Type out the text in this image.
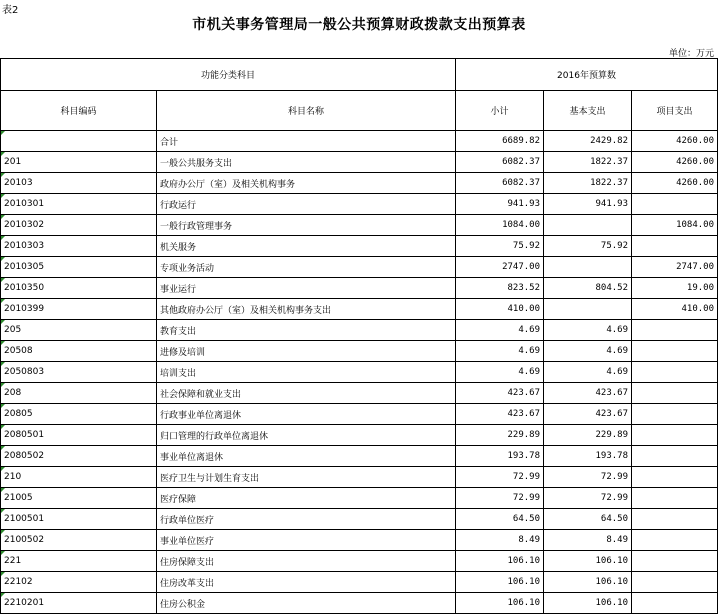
表2
市机关事务管理局一般公共预算财政拨款支出预算表
单位：万元
功能分类科目		2016年预算数		
科目编码	科目名称	小计	基本支出	项目支出
	合计	6689.82	2429.82	4260.00
201	一般公共服务支出	6082.37	1822.37	4260.00
20103	政府办公厅（室）及相关机构事务	6082.37	1822.37	4260.00
2010301	行政运行	941.93	941.93	
2010302	一般行政管理事务	1084.00		1084.00
2010303	机关服务	75.92	75.92	
2010305	专项业务活动	2747.00		2747.00
2010350	事业运行	823.52	804.52	19.00
2010399	其他政府办公厅（室）及相关机构事务支出	410.00		410.00
205	教育支出	4.69	4.69	
20508	进修及培训	4.69	4.69	
2050803	培训支出	4.69	4.69	
208	社会保障和就业支出	423.67	423.67	
20805	行政事业单位离退休	423.67	423.67	
2080501	归口管理的行政单位离退休	229.89	229.89	
2080502	事业单位离退休	193.78	193.78	
210	医疗卫生与计划生育支出	72.99	72.99	
21005	医疗保障	72.99	72.99	
2100501	行政单位医疗	64.50	64.50	
2100502	事业单位医疗	8.49	8.49	
221	住房保障支出	106.10	106.10	
22102	住房改革支出	106.10	106.10	
2210201	住房公积金	106.10	106.10	
